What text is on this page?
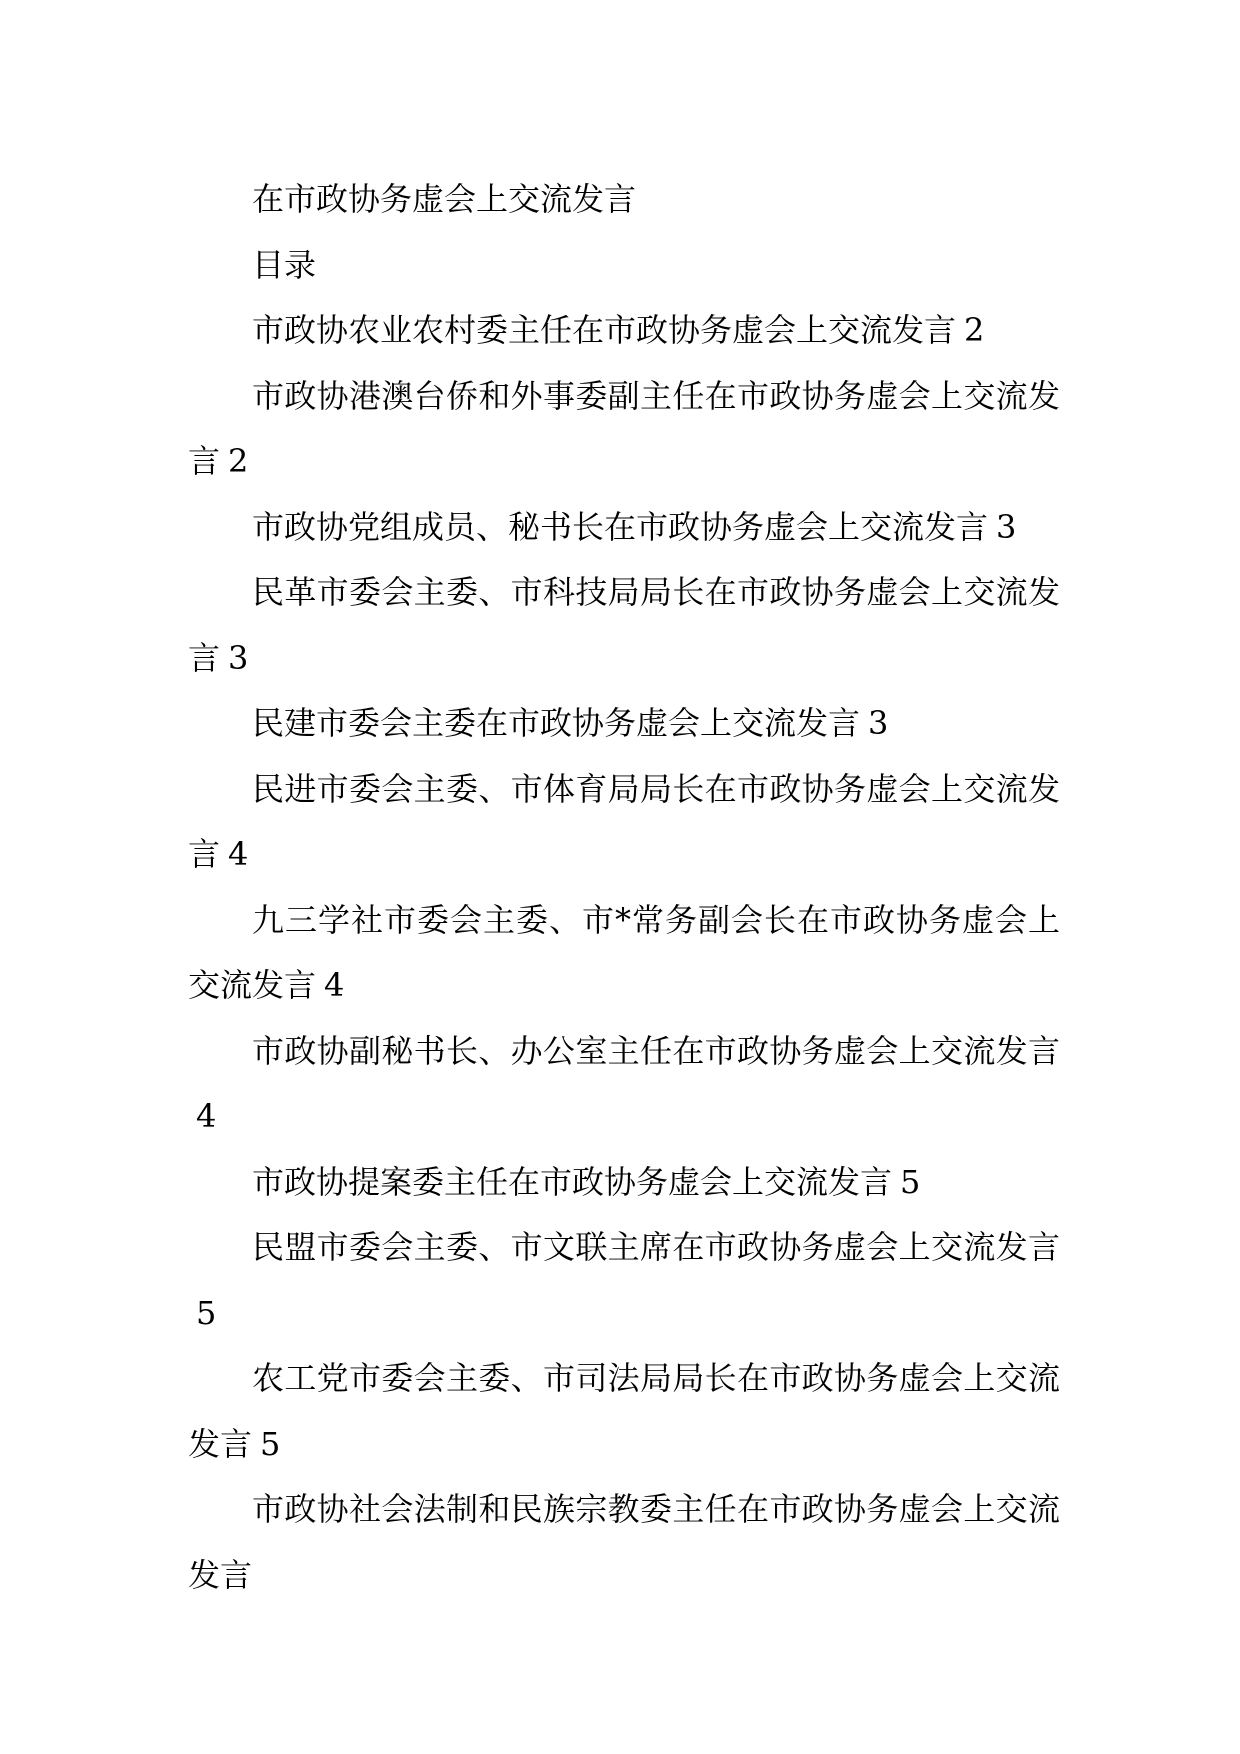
在市政协务虚会上交流发言

目录

市政协农业农村委主任在市政协务虚会上交流发言 2

市政协港澳台侨和外事委副主任在市政协务虚会上交流发言 2

市政协党组成员、秘书长在市政协务虚会上交流发言 3

民革市委会主委、市科技局局长在市政协务虚会上交流发言 3

民建市委会主委在市政协务虚会上交流发言 3

民进市委会主委、市体育局局长在市政协务虚会上交流发言 4

九三学社市委会主委、市*常务副会长在市政协务虚会上交流发言 4

市政协副秘书长、办公室主任在市政协务虚会上交流发言4

市政协提案委主任在市政协务虚会上交流发言 5

民盟市委会主委、市文联主席在市政协务虚会上交流发言5

农工党市委会主委、市司法局局长在市政协务虚会上交流发言 5

市政协社会法制和民族宗教委主任在市政协务虚会上交流发言
